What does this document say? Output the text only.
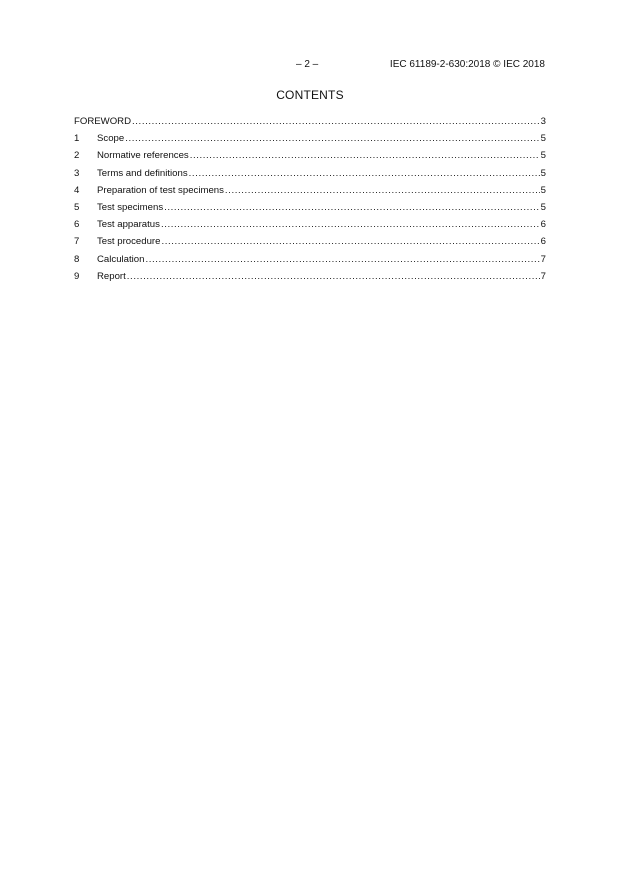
– 2 –	IEC 61189-2-630:2018 © IEC 2018
CONTENTS
FOREWORD .....	3
1	Scope .....	5
2	Normative references .....	5
3	Terms and definitions .....	5
4	Preparation of test specimens .....	5
5	Test specimens .....	5
6	Test apparatus .....	6
7	Test procedure .....	6
8	Calculation .....	7
9	Report .....	7
